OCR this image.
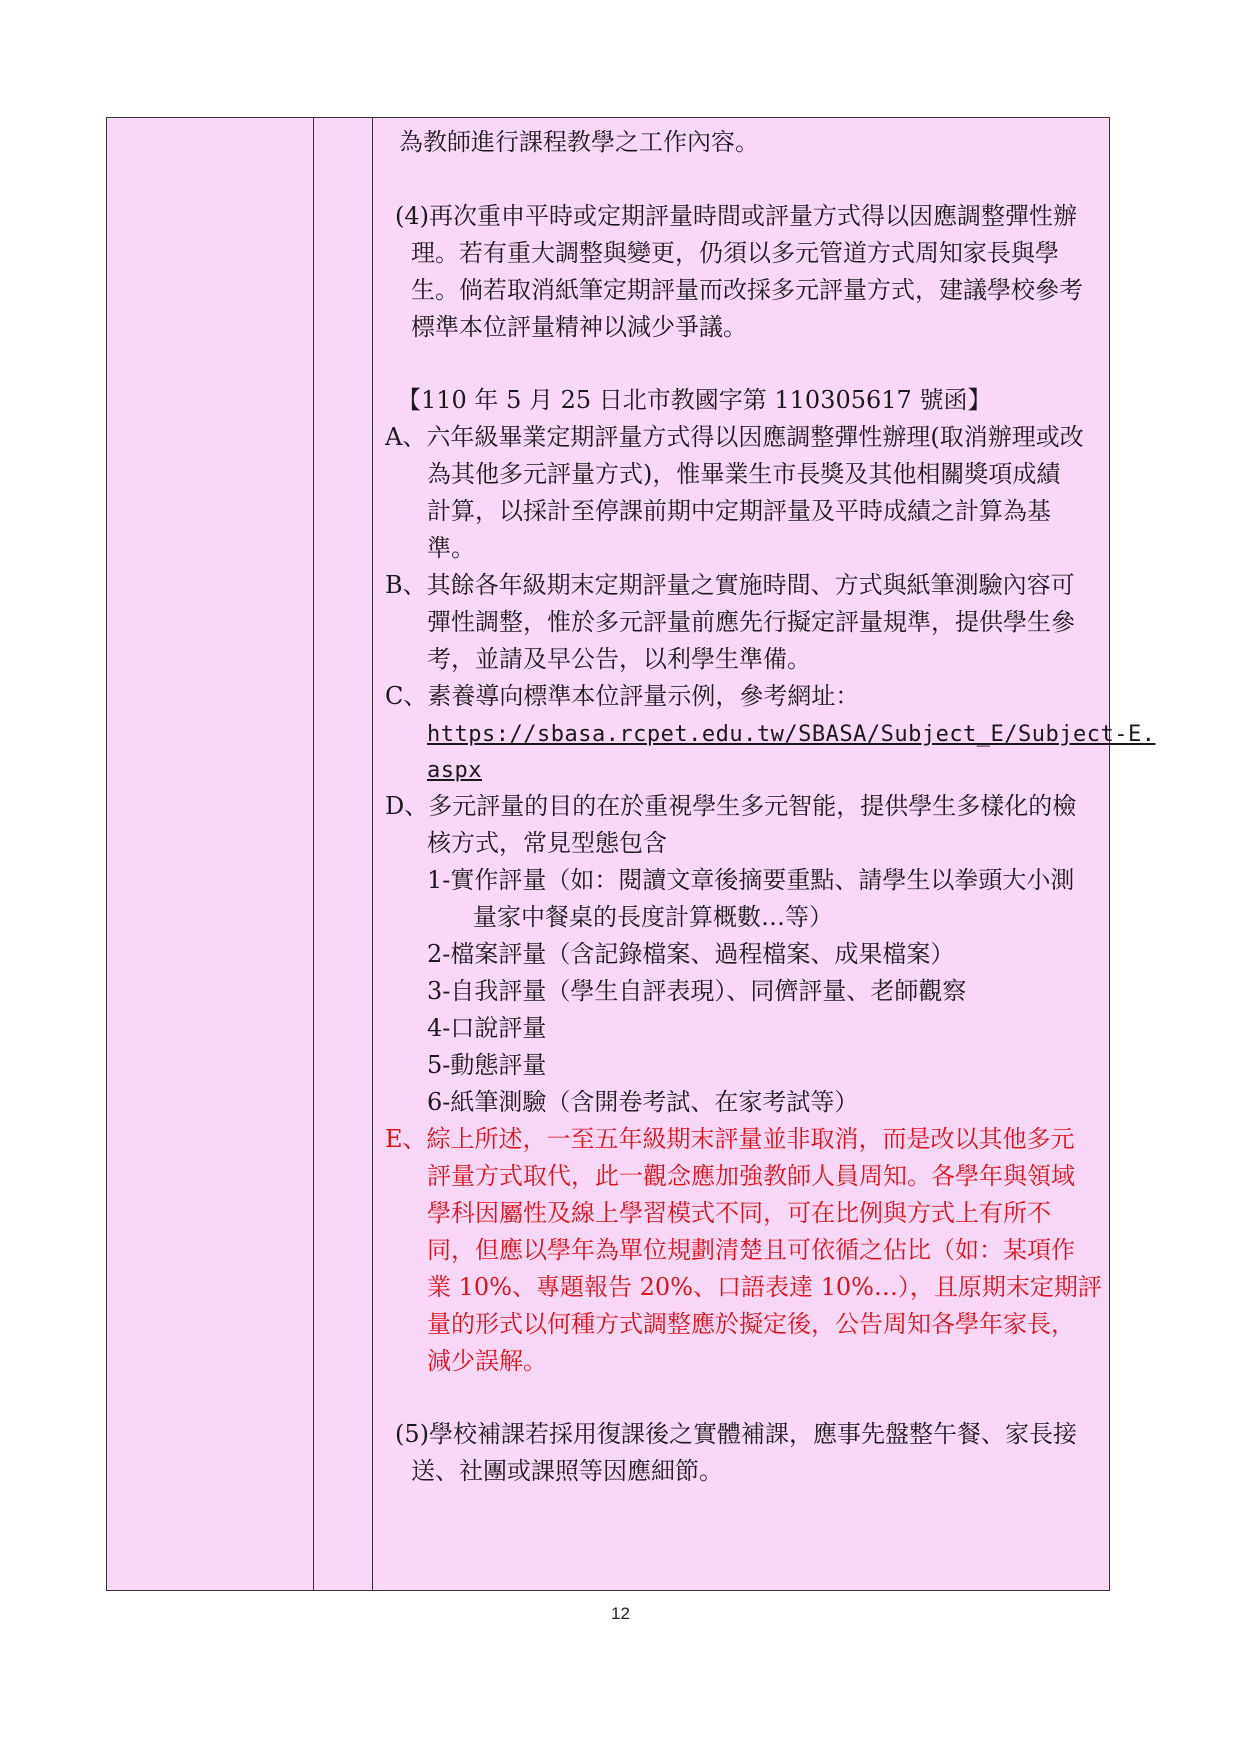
為教師進行課程教學之工作內容。
(4)再次重申平時或定期評量時間或評量方式得以因應調整彈性辦
理。若有重大調整與變更，仍須以多元管道方式周知家長與學
生。倘若取消紙筆定期評量而改採多元評量方式，建議學校參考
標準本位評量精神以減少爭議。
【110 年 5 月 25 日北市教國字第 110305617 號函】
A、六年級畢業定期評量方式得以因應調整彈性辦理(取消辦理或改
為其他多元評量方式)，惟畢業生市長獎及其他相關獎項成績
計算，以採計至停課前期中定期評量及平時成績之計算為基
準。
B、其餘各年級期末定期評量之實施時間、方式與紙筆測驗內容可
彈性調整，惟於多元評量前應先行擬定評量規準，提供學生參
考，並請及早公告，以利學生準備。
C、素養導向標準本位評量示例，參考網址：
https://sbasa.rcpet.edu.tw/SBASA/Subject_E/Subject-E.
aspx
D、多元評量的目的在於重視學生多元智能，提供學生多樣化的檢
核方式，常見型態包含
1-實作評量（如：閱讀文章後摘要重點、請學生以拳頭大小測
量家中餐桌的長度計算概數…等）
2-檔案評量（含記錄檔案、過程檔案、成果檔案）
3-自我評量（學生自評表現）、同儕評量、老師觀察
4-口說評量
5-動態評量
6-紙筆測驗（含開卷考試、在家考試等）
E、綜上所述，一至五年級期末評量並非取消，而是改以其他多元
評量方式取代，此一觀念應加強教師人員周知。各學年與領域
學科因屬性及線上學習模式不同，可在比例與方式上有所不
同，但應以學年為單位規劃清楚且可依循之佔比（如：某項作
業 10%、專題報告 20%、口語表達 10%…），且原期末定期評
量的形式以何種方式調整應於擬定後，公告周知各學年家長，
減少誤解。
(5)學校補課若採用復課後之實體補課，應事先盤整午餐、家長接
送、社團或課照等因應細節。
12
